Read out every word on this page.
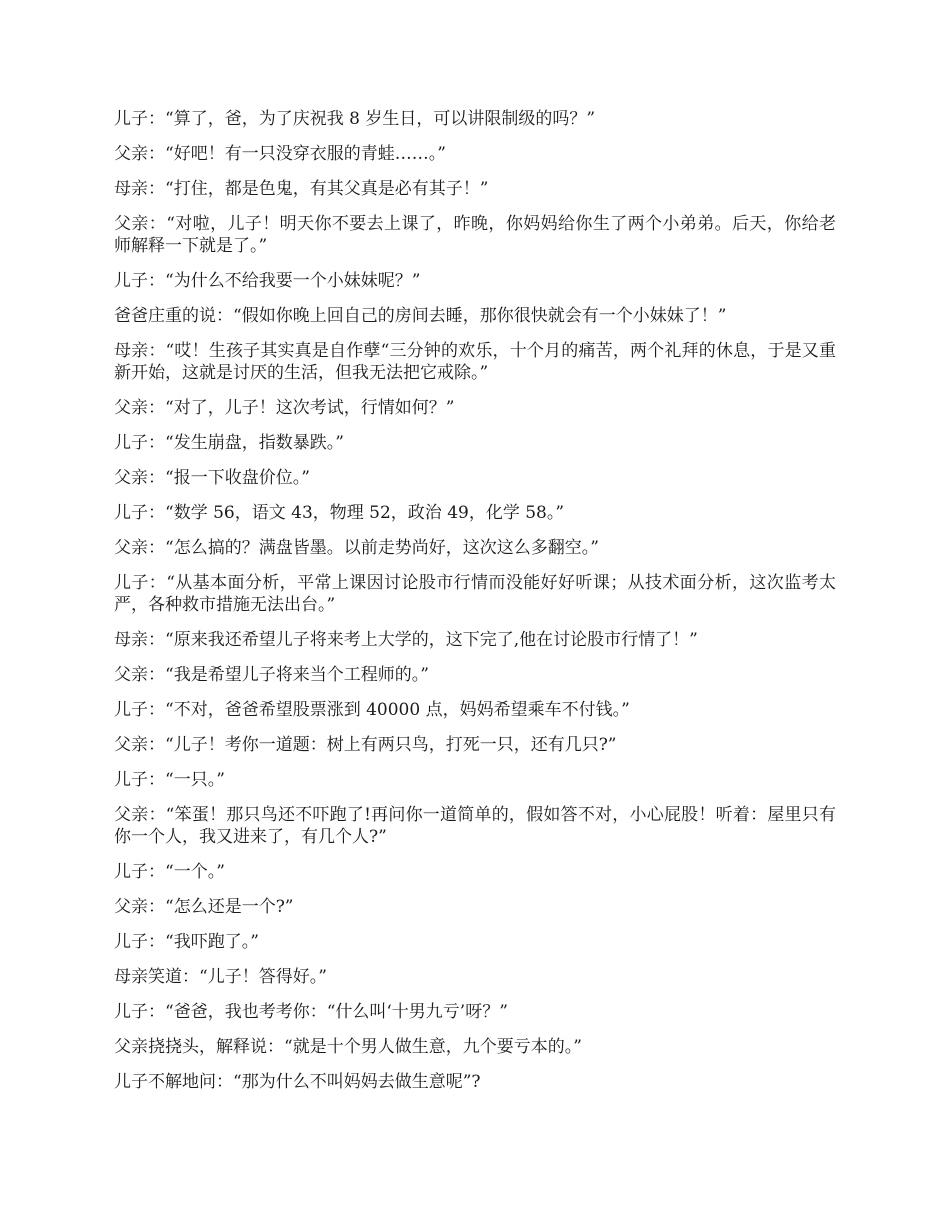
儿子：“算了，爸，为了庆祝我 8 岁生日，可以讲限制级的吗？”

父亲：“好吧！有一只没穿衣服的青蛙……。”

母亲：“打住，都是色鬼，有其父真是必有其子！”

父亲：“对啦，儿子！明天你不要去上课了，昨晚，你妈妈给你生了两个小弟弟。后天，你给老师解释一下就是了。”

儿子：“为什么不给我要一个小妹妹呢？”

爸爸庄重的说：“假如你晚上回自己的房间去睡，那你很快就会有一个小妹妹了！”

母亲：“哎！生孩子其实真是自作孽“三分钟的欢乐，十个月的痛苦，两个礼拜的休息，于是又重新开始，这就是讨厌的生活，但我无法把它戒除。”

父亲：“对了，儿子！这次考试，行情如何？”

儿子：“发生崩盘，指数暴跌。”

父亲：“报一下收盘价位。”

儿子：“数学 56，语文 43，物理 52，政治 49，化学 58。”

父亲：“怎么搞的？满盘皆墨。以前走势尚好，这次这么多翻空。”

儿子：“从基本面分析，平常上课因讨论股市行情而没能好好听课；从技术面分析，这次监考太严，各种救市措施无法出台。”

母亲：“原来我还希望儿子将来考上大学的，这下完了,他在讨论股市行情了！”

父亲：“我是希望儿子将来当个工程师的。”

儿子：“不对，爸爸希望股票涨到 40000 点，妈妈希望乘车不付钱。”

父亲：“儿子！考你一道题：树上有两只鸟，打死一只，还有几只?”

儿子：“一只。”

父亲：“笨蛋！那只鸟还不吓跑了!再问你一道简单的，假如答不对，小心屁股！听着：屋里只有你一个人，我又进来了，有几个人?”

儿子：“一个。”

父亲：“怎么还是一个?”

儿子：“我吓跑了。”

母亲笑道：“儿子！答得好。”

儿子：“爸爸，我也考考你：“什么叫‘十男九亏’呀？”

父亲挠挠头，解释说：“就是十个男人做生意，九个要亏本的。”

儿子不解地问：“那为什么不叫妈妈去做生意呢”?
